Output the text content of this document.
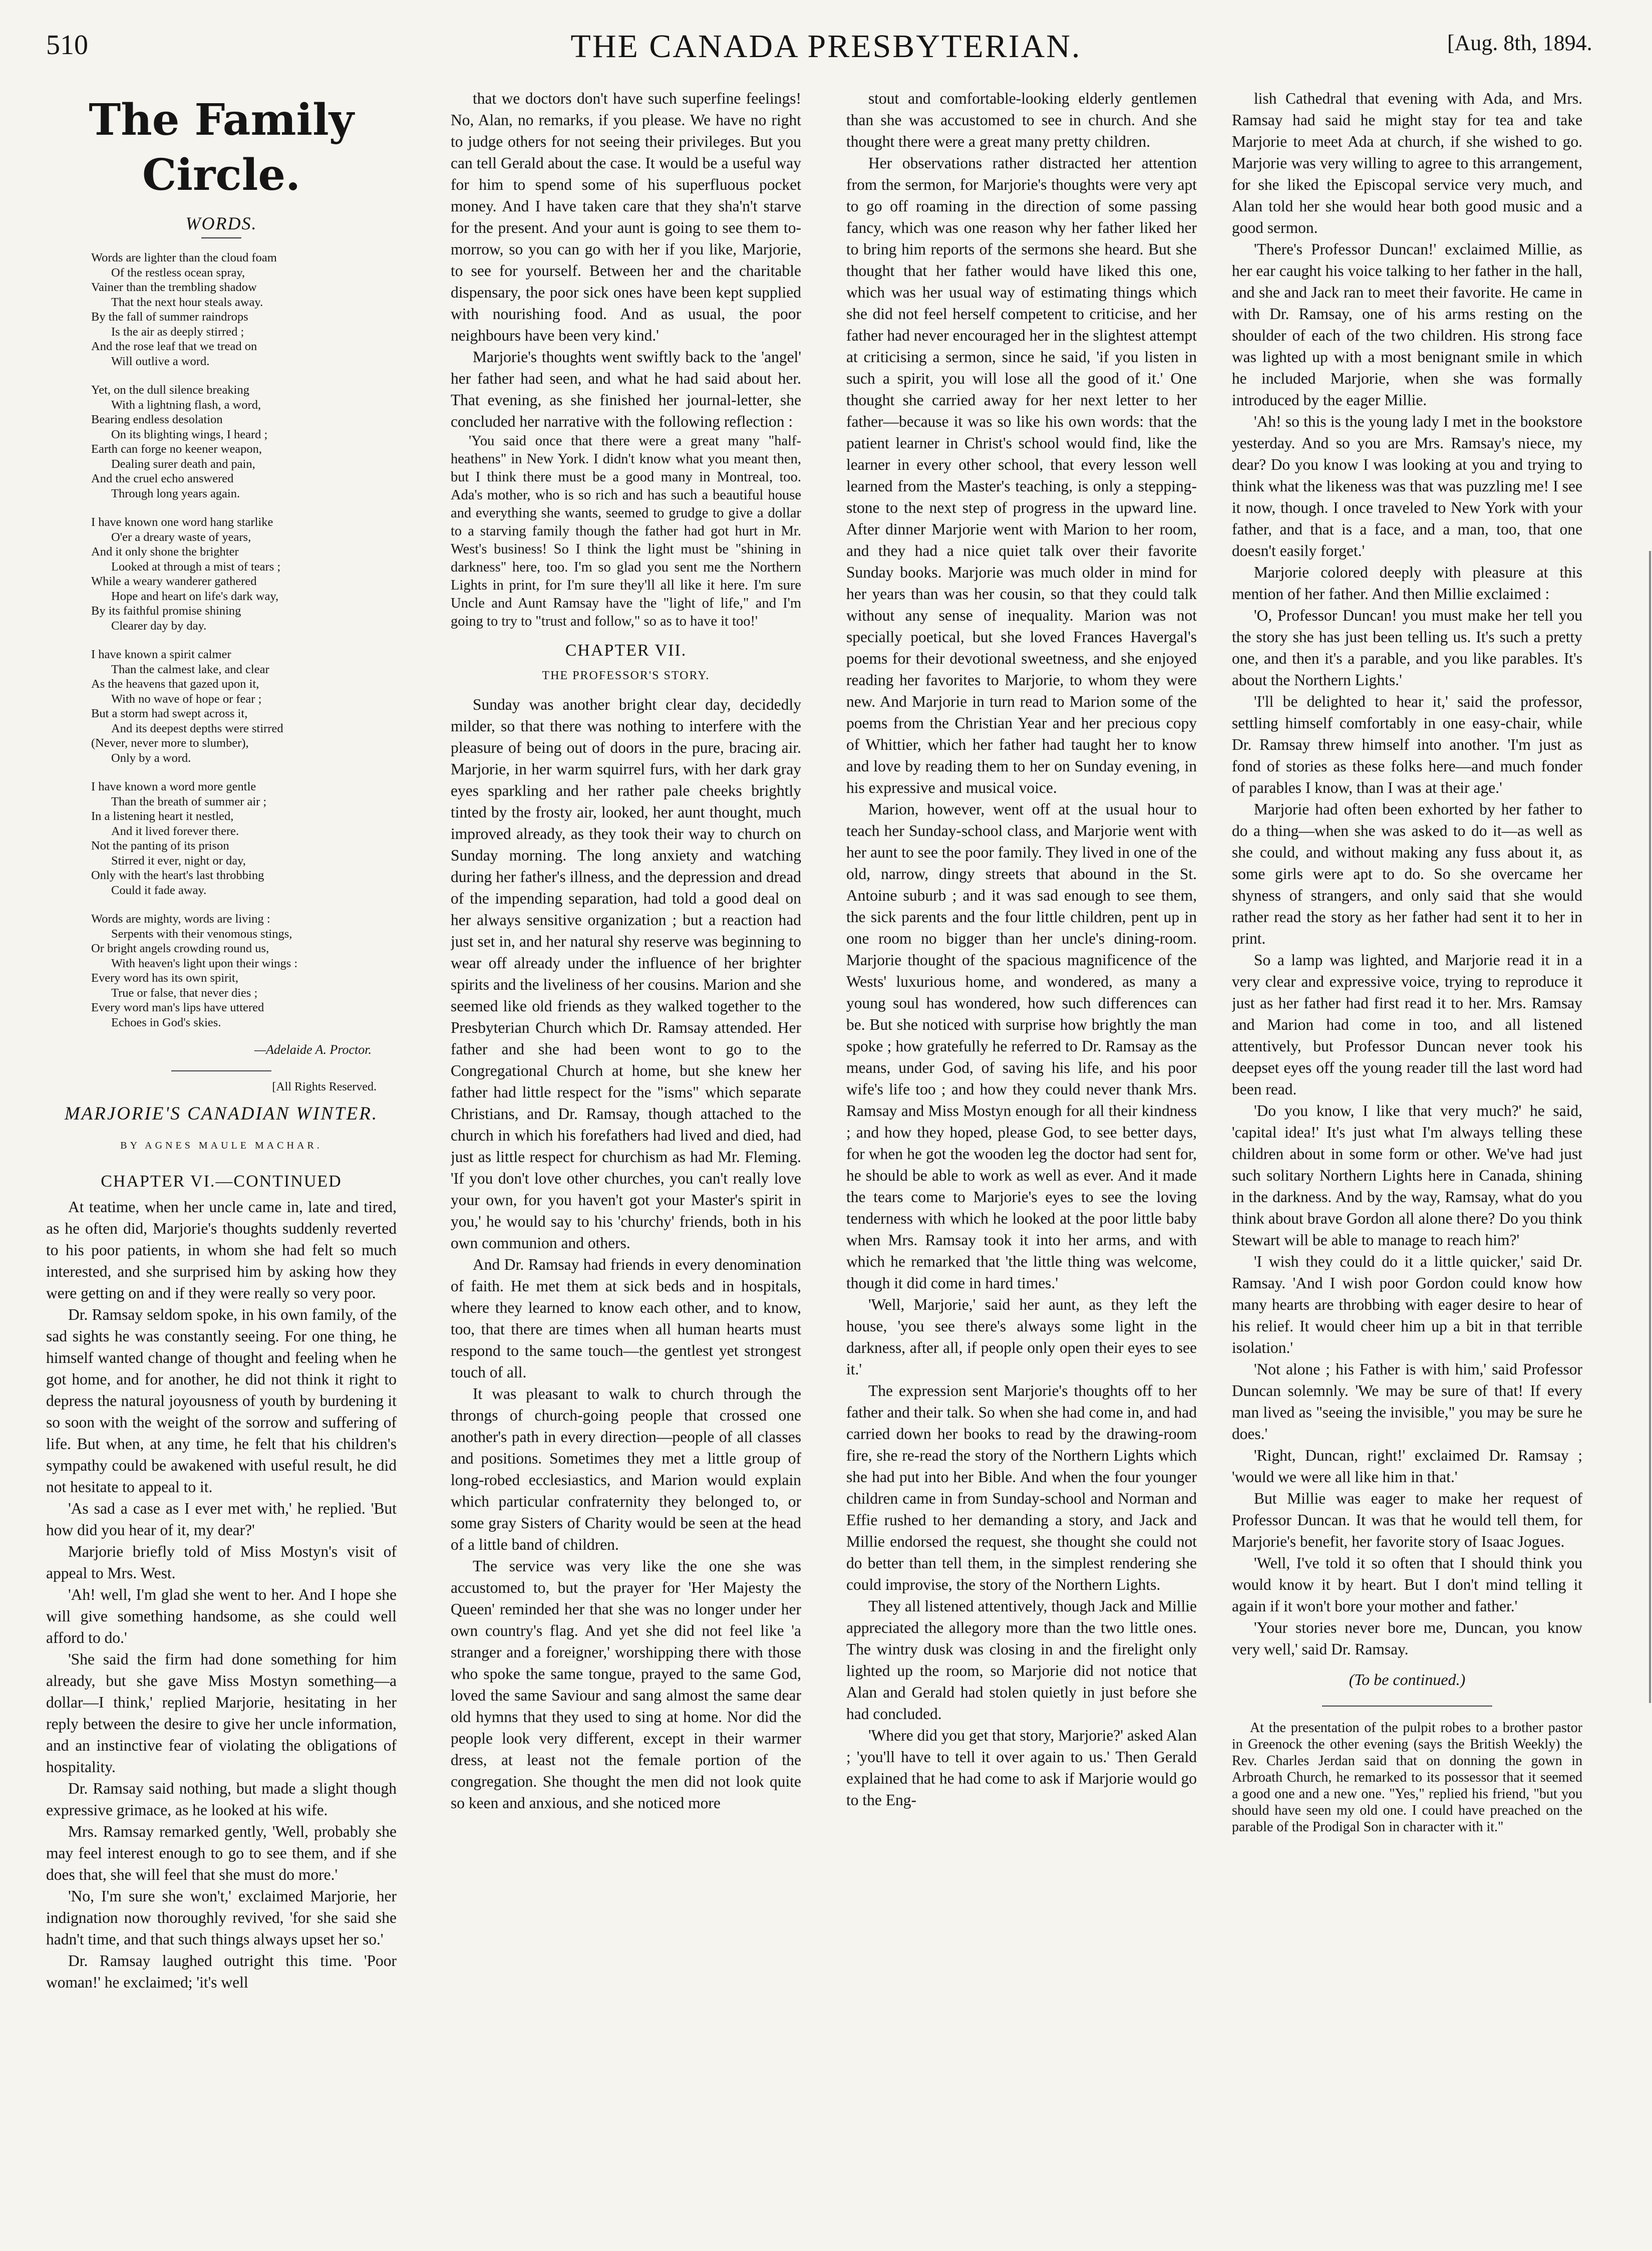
510	THE CANADA PRESBYTERIAN.	[Aug. 8th, 1894.
The Family Circle.
WORDS.
Words are lighter than the cloud foam
Of the restless ocean spray,
Vainer than the trembling shadow
That the next hour steals away.
By the fall of summer raindrops
Is the air as deeply stirred ;
And the rose leaf that we tread on
Will outlive a word.
Yet, on the dull silence breaking
With a lightning flash, a word,
Bearing endless desolation
On its blighting wings, I heard ;
Earth can forge no keener weapon,
Dealing surer death and pain,
And the cruel echo answered
Through long years again.
I have known one word hang starlike
O'er a dreary waste of years,
And it only shone the brighter
Looked at through a mist of tears ;
While a weary wanderer gathered
Hope and heart on life's dark way,
By its faithful promise shining
Clearer day by day.
I have known a spirit calmer
Than the calmest lake, and clear
As the heavens that gazed upon it,
With no wave of hope or fear ;
But a storm had swept across it,
And its deepest depths were stirred
(Never, never more to slumber),
Only by a word.
I have known a word more gentle
Than the breath of summer air ;
In a listening heart it nestled,
And it lived forever there.
Not the panting of its prison
Stirred it ever, night or day,
Only with the heart's last throbbing
Could it fade away.
Words are mighty, words are living :
Serpents with their venomous stings,
Or bright angels crowding round us,
With heaven's light upon their wings :
Every word has its own spirit,
True or false, that never dies ;
Every word man's lips have uttered
Echoes in God's skies.
—Adelaide A. Proctor.
[All Rights Reserved.
MARJORIE'S CANADIAN WINTER.
BY AGNES MAULE MACHAR.
CHAPTER VI.—CONTINUED

At teatime, when her uncle came in, late and tired, as he often did, Marjorie's thoughts suddenly reverted to his poor patients, in whom she had felt so much interested, and she surprised him by asking how they were getting on and if they were really so very poor.

Dr. Ramsay seldom spoke, in his own family, of the sad sights he was constantly seeing. For one thing, he himself wanted change of thought and feeling when he got home, and for another, he did not think it right to depress the natural joyousness of youth by burdening it so soon with the weight of the sorrow and suffering of life. But when, at any time, he felt that his children's sympathy could be awakened with useful result, he did not hesitate to appeal to it.

'As sad a case as I ever met with,' he replied. 'But how did you hear of it, my dear?'

Marjorie briefly told of Miss Mostyn's visit of appeal to Mrs. West.

'Ah! well, I'm glad she went to her. And I hope she will give something handsome, as she could well afford to do.'

'She said the firm had done something for him already, but she gave Miss Mostyn something—a dollar—I think,' replied Marjorie, hesitating in her reply between the desire to give her uncle information, and an instinctive fear of violating the obligations of hospitality.

Dr. Ramsay said nothing, but made a slight though expressive grimace, as he looked at his wife.

Mrs. Ramsay remarked gently, 'Well, probably she may feel interest enough to go to see them, and if she does that, she will feel that she must do more.'

'No, I'm sure she won't,' exclaimed Marjorie, her indignation now thoroughly revived, 'for she said she hadn't time, and that such things always upset her so.'

Dr. Ramsay laughed outright this time. 'Poor woman!' he exclaimed; 'it's well

that we doctors don't have such superfine feelings! No, Alan, no remarks, if you please. We have no right to judge others for not seeing their privileges. But you can tell Gerald about the case. It would be a useful way for him to spend some of his superfluous pocket money. And I have taken care that they sha'n't starve for the present. And your aunt is going to see them to-morrow, so you can go with her if you like, Marjorie, to see for yourself. Between her and the charitable dispensary, the poor sick ones have been kept supplied with nourishing food. And as usual, the poor neighbours have been very kind.'

Marjorie's thoughts went swiftly back to the 'angel' her father had seen, and what he had said about her. That evening, as she finished her journal-letter, she concluded her narrative with the following reflection :

'You said once that there were a great many "half-heathens" in New York. I didn't know what you meant then, but I think there must be a good many in Montreal, too. Ada's mother, who is so rich and has such a beautiful house and everything she wants, seemed to grudge to give a dollar to a starving family though the father had got hurt in Mr. West's business! So I think the light must be "shining in darkness" here, too. I'm so glad you sent me the Northern Lights in print, for I'm sure they'll all like it here. I'm sure Uncle and Aunt Ramsay have the "light of life," and I'm going to try to "trust and follow," so as to have it too!'

CHAPTER VII.
THE PROFESSOR'S STORY.

Sunday was another bright clear day, decidedly milder, so that there was nothing to interfere with the pleasure of being out of doors in the pure, bracing air. Marjorie, in her warm squirrel furs, with her dark gray eyes sparkling and her rather pale cheeks brightly tinted by the frosty air, looked, her aunt thought, much improved already, as they took their way to church on Sunday morning. The long anxiety and watching during her father's illness, and the depression and dread of the impending separation, had told a good deal on her always sensitive organization ; but a reaction had just set in, and her natural shy reserve was beginning to wear off already under the influence of her brighter spirits and the liveliness of her cousins. Marion and she seemed like old friends as they walked together to the Presbyterian Church which Dr. Ramsay attended. Her father and she had been wont to go to the Congregational Church at home, but she knew her father had little respect for the "isms" which separate Christians, and Dr. Ramsay, though attached to the church in which his forefathers had lived and died, had just as little respect for churchism as had Mr. Fleming. 'If you don't love other churches, you can't really love your own, for you haven't got your Master's spirit in you,' he would say to his 'churchy' friends, both in his own communion and others.

And Dr. Ramsay had friends in every denomination of faith. He met them at sick beds and in hospitals, where they learned to know each other, and to know, too, that there are times when all human hearts must respond to the same touch—the gentlest yet strongest touch of all.

It was pleasant to walk to church through the throngs of church-going people that crossed one another's path in every direction—people of all classes and positions. Sometimes they met a little group of long-robed ecclesiastics, and Marion would explain which particular confraternity they belonged to, or some gray Sisters of Charity would be seen at the head of a little band of children.

The service was very like the one she was accustomed to, but the prayer for 'Her Majesty the Queen' reminded her that she was no longer under her own country's flag. And yet she did not feel like 'a stranger and a foreigner,' worshipping there with those who spoke the same tongue, prayed to the same God, loved the same Saviour and sang almost the same dear old hymns that they used to sing at home. Nor did the people look very different, except in their warmer dress, at least not the female portion of the congregation. She thought the men did not look quite so keen and anxious, and she noticed more

stout and comfortable-looking elderly gentlemen than she was accustomed to see in church. And she thought there were a great many pretty children.

Her observations rather distracted her attention from the sermon, for Marjorie's thoughts were very apt to go off roaming in the direction of some passing fancy, which was one reason why her father liked her to bring him reports of the sermons she heard. But she thought that her father would have liked this one, which was her usual way of estimating things which she did not feel herself competent to criticise, and her father had never encouraged her in the slightest attempt at criticising a sermon, since he said, 'if you listen in such a spirit, you will lose all the good of it.' One thought she carried away for her next letter to her father—because it was so like his own words: that the patient learner in Christ's school would find, like the learner in every other school, that every lesson well learned from the Master's teaching, is only a stepping-stone to the next step of progress in the upward line. After dinner Marjorie went with Marion to her room, and they had a nice quiet talk over their favorite Sunday books. Marjorie was much older in mind for her years than was her cousin, so that they could talk without any sense of inequality. Marion was not specially poetical, but she loved Frances Havergal's poems for their devotional sweetness, and she enjoyed reading her favorites to Marjorie, to whom they were new. And Marjorie in turn read to Marion some of the poems from the Christian Year and her precious copy of Whittier, which her father had taught her to know and love by reading them to her on Sunday evening, in his expressive and musical voice.

Marion, however, went off at the usual hour to teach her Sunday-school class, and Marjorie went with her aunt to see the poor family. They lived in one of the old, narrow, dingy streets that abound in the St. Antoine suburb ; and it was sad enough to see them, the sick parents and the four little children, pent up in one room no bigger than her uncle's dining-room. Marjorie thought of the spacious magnificence of the Wests' luxurious home, and wondered, as many a young soul has wondered, how such differences can be. But she noticed with surprise how brightly the man spoke ; how gratefully he referred to Dr. Ramsay as the means, under God, of saving his life, and his poor wife's life too ; and how they could never thank Mrs. Ramsay and Miss Mostyn enough for all their kindness ; and how they hoped, please God, to see better days, for when he got the wooden leg the doctor had sent for, he should be able to work as well as ever. And it made the tears come to Marjorie's eyes to see the loving tenderness with which he looked at the poor little baby when Mrs. Ramsay took it into her arms, and with which he remarked that 'the little thing was welcome, though it did come in hard times.'

'Well, Marjorie,' said her aunt, as they left the house, 'you see there's always some light in the darkness, after all, if people only open their eyes to see it.'

The expression sent Marjorie's thoughts off to her father and their talk. So when she had come in, and had carried down her books to read by the drawing-room fire, she re-read the story of the Northern Lights which she had put into her Bible. And when the four younger children came in from Sunday-school and Norman and Effie rushed to her demanding a story, and Jack and Millie endorsed the request, she thought she could not do better than tell them, in the simplest rendering she could improvise, the story of the Northern Lights.

They all listened attentively, though Jack and Millie appreciated the allegory more than the two little ones. The wintry dusk was closing in and the firelight only lighted up the room, so Marjorie did not notice that Alan and Gerald had stolen quietly in just before she had concluded.

'Where did you get that story, Marjorie?' asked Alan ; 'you'll have to tell it over again to us.' Then Gerald explained that he had come to ask if Marjorie would go to the Eng-

lish Cathedral that evening with Ada, and Mrs. Ramsay had said he might stay for tea and take Marjorie to meet Ada at church, if she wished to go. Marjorie was very willing to agree to this arrangement, for she liked the Episcopal service very much, and Alan told her she would hear both good music and a good sermon.

'There's Professor Duncan!' exclaimed Millie, as her ear caught his voice talking to her father in the hall, and she and Jack ran to meet their favorite. He came in with Dr. Ramsay, one of his arms resting on the shoulder of each of the two children. His strong face was lighted up with a most benignant smile in which he included Marjorie, when she was formally introduced by the eager Millie.

'Ah! so this is the young lady I met in the bookstore yesterday. And so you are Mrs. Ramsay's niece, my dear? Do you know I was looking at you and trying to think what the likeness was that was puzzling me! I see it now, though. I once traveled to New York with your father, and that is a face, and a man, too, that one doesn't easily forget.'

Marjorie colored deeply with pleasure at this mention of her father. And then Millie exclaimed :

'O, Professor Duncan! you must make her tell you the story she has just been telling us. It's such a pretty one, and then it's a parable, and you like parables. It's about the Northern Lights.'

'I'll be delighted to hear it,' said the professor, settling himself comfortably in one easy-chair, while Dr. Ramsay threw himself into another. 'I'm just as fond of stories as these folks here—and much fonder of parables I know, than I was at their age.'

Marjorie had often been exhorted by her father to do a thing—when she was asked to do it—as well as she could, and without making any fuss about it, as some girls were apt to do. So she overcame her shyness of strangers, and only said that she would rather read the story as her father had sent it to her in print.

So a lamp was lighted, and Marjorie read it in a very clear and expressive voice, trying to reproduce it just as her father had first read it to her. Mrs. Ramsay and Marion had come in too, and all listened attentively, but Professor Duncan never took his deepset eyes off the young reader till the last word had been read.

'Do you know, I like that very much?' he said, 'capital idea!' It's just what I'm always telling these children about in some form or other. We've had just such solitary Northern Lights here in Canada, shining in the darkness. And by the way, Ramsay, what do you think about brave Gordon all alone there? Do you think Stewart will be able to manage to reach him?'

'I wish they could do it a little quicker,' said Dr. Ramsay. 'And I wish poor Gordon could know how many hearts are throbbing with eager desire to hear of his relief. It would cheer him up a bit in that terrible isolation.'

'Not alone ; his Father is with him,' said Professor Duncan solemnly. 'We may be sure of that! If every man lived as "seeing the invisible," you may be sure he does.'

'Right, Duncan, right!' exclaimed Dr. Ramsay ; 'would we were all like him in that.'

But Millie was eager to make her request of Professor Duncan. It was that he would tell them, for Marjorie's benefit, her favorite story of Isaac Jogues.

'Well, I've told it so often that I should think you would know it by heart. But I don't mind telling it again if it won't bore your mother and father.'

'Your stories never bore me, Duncan, you know very well,' said Dr. Ramsay.

(To be continued.)

At the presentation of the pulpit robes to a brother pastor in Greenock the other evening (says the British Weekly) the Rev. Charles Jerdan said that on donning the gown in Arbroath Church, he remarked to its possessor that it seemed a good one and a new one. "Yes," replied his friend, "but you should have seen my old one. I could have preached on the parable of the Prodigal Son in character with it."
